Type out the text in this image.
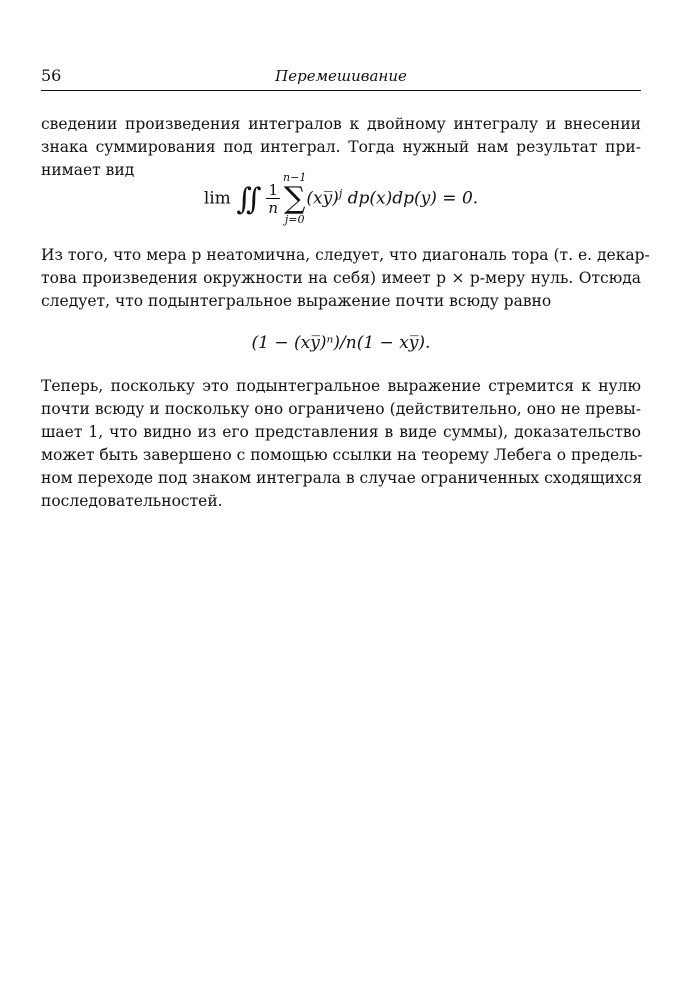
56	Перемешивание

сведении произведения интегралов к двойному интегралу и внесении
знака суммирования под интеграл. Тогда нужный нам результат при-
нимает вид

lim ∫∫ $\frac{1}{n}$
n−1
∑
j=0
(xy̅)$^j$ dp(x)dp(y) = 0.

Из того, что мера p неатомична, следует, что диагональ тора (т. е. декар-
това произведения окружности на себя) имеет p × p-меру нуль. Отсюда
следует, что подынтегральное выражение почти всюду равно

(1 − (xy̅)ⁿ)/n(1 − xy̅).

Теперь, поскольку это подынтегральное выражение стремится к нулю
почти всюду и поскольку оно ограничено (действительно, оно не превы-
шает 1, что видно из его представления в виде суммы), доказательство
может быть завершено с помощью ссылки на теорему Лебега о предель-
ном переходе под знаком интеграла в случае ограниченных сходящихся
последовательностей.
